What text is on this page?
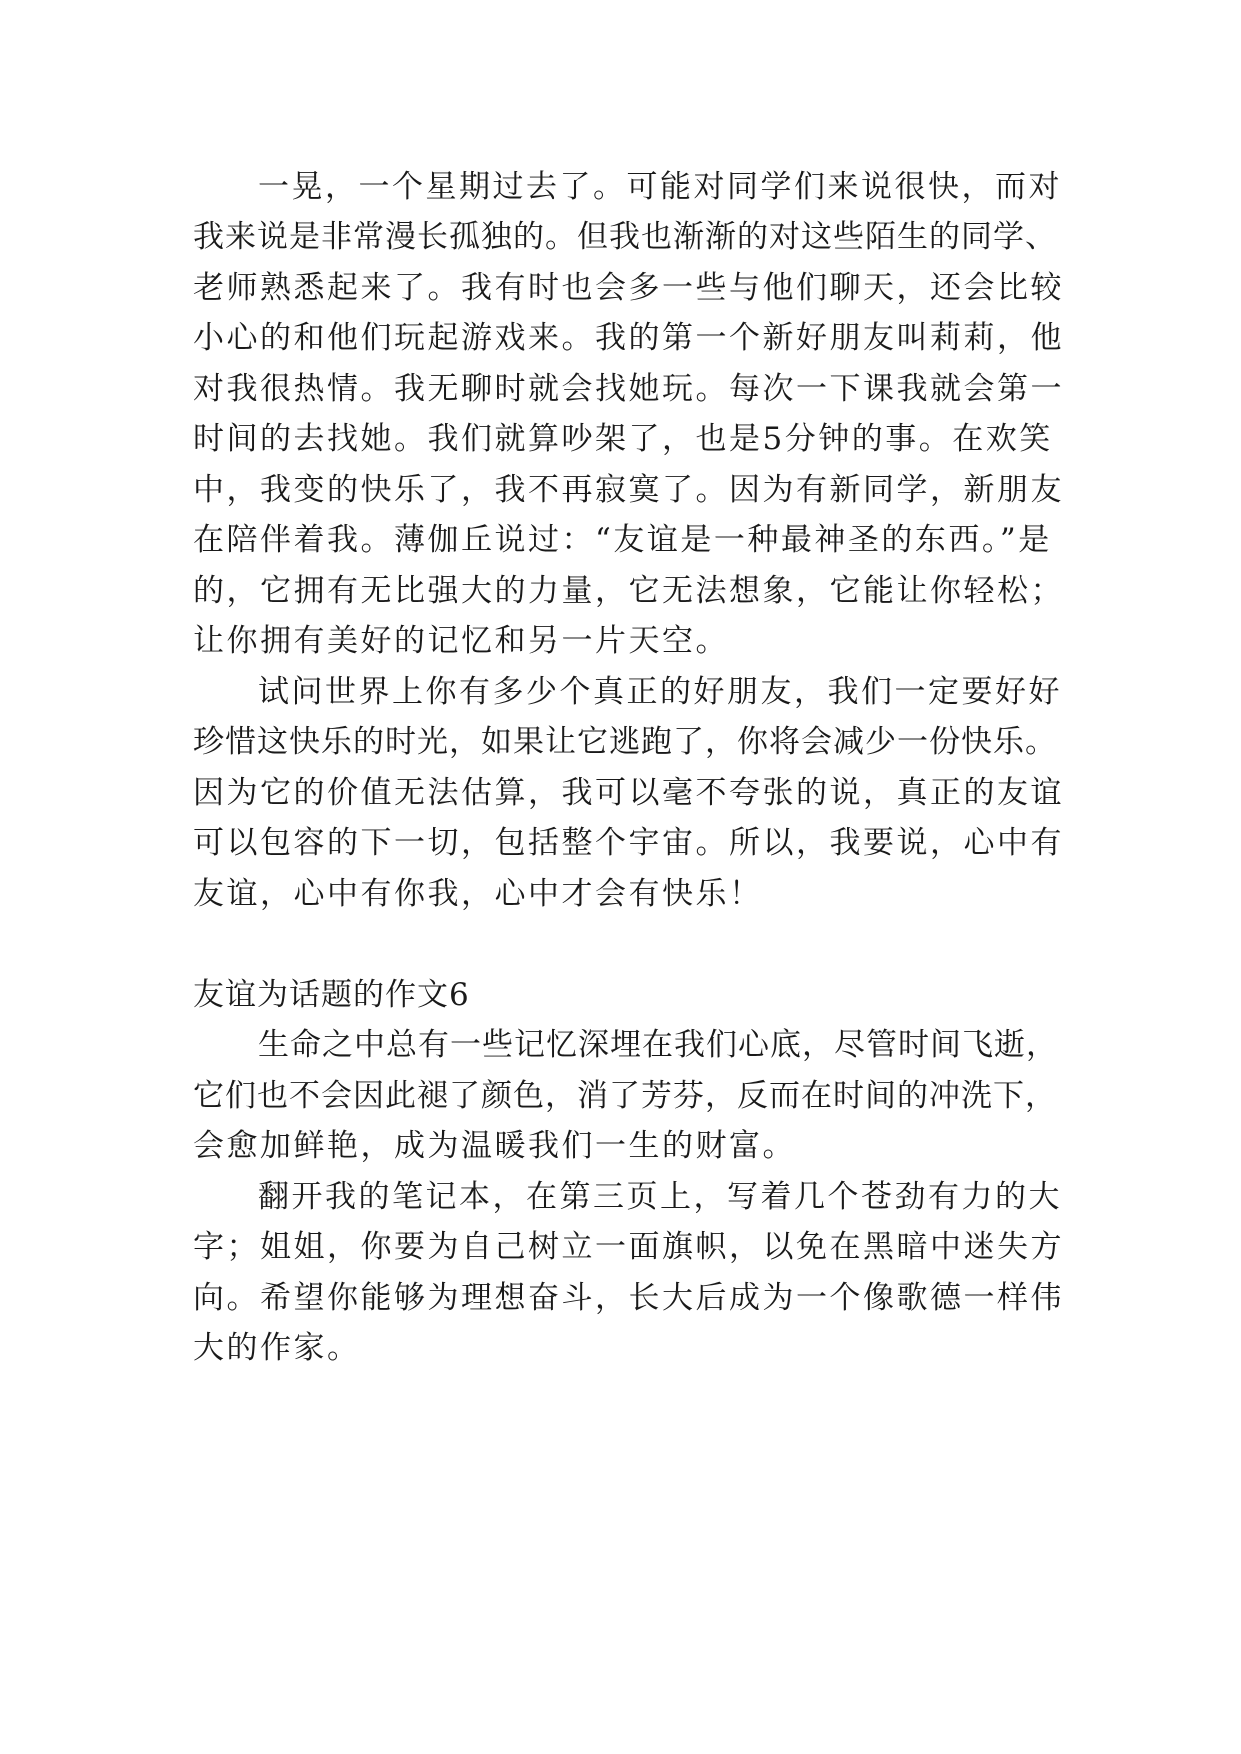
一晃，一个星期过去了。可能对同学们来说很快，而对
我来说是非常漫长孤独的。但我也渐渐的对这些陌生的同学、
老师熟悉起来了。我有时也会多一些与他们聊天，还会比较
小心的和他们玩起游戏来。我的第一个新好朋友叫莉莉，他
对我很热情。我无聊时就会找她玩。每次一下课我就会第一
时间的去找她。我们就算吵架了，也是5分钟的事。在欢笑
中，我变的快乐了，我不再寂寞了。因为有新同学，新朋友
在陪伴着我。薄伽丘说过：“友谊是一种最神圣的东西。”是
的，它拥有无比强大的力量，它无法想象，它能让你轻松；
让你拥有美好的记忆和另一片天空。
试问世界上你有多少个真正的好朋友，我们一定要好好
珍惜这快乐的时光，如果让它逃跑了，你将会减少一份快乐。
因为它的价值无法估算，我可以毫不夸张的说，真正的友谊
可以包容的下一切，包括整个宇宙。所以，我要说，心中有
友谊，心中有你我，心中才会有快乐！
友谊为话题的作文6
生命之中总有一些记忆深埋在我们心底，尽管时间飞逝，
它们也不会因此褪了颜色，消了芳芬，反而在时间的冲洗下，
会愈加鲜艳，成为温暖我们一生的财富。
翻开我的笔记本，在第三页上，写着几个苍劲有力的大
字；姐姐，你要为自己树立一面旗帜，以免在黑暗中迷失方
向。希望你能够为理想奋斗，长大后成为一个像歌德一样伟
大的作家。
